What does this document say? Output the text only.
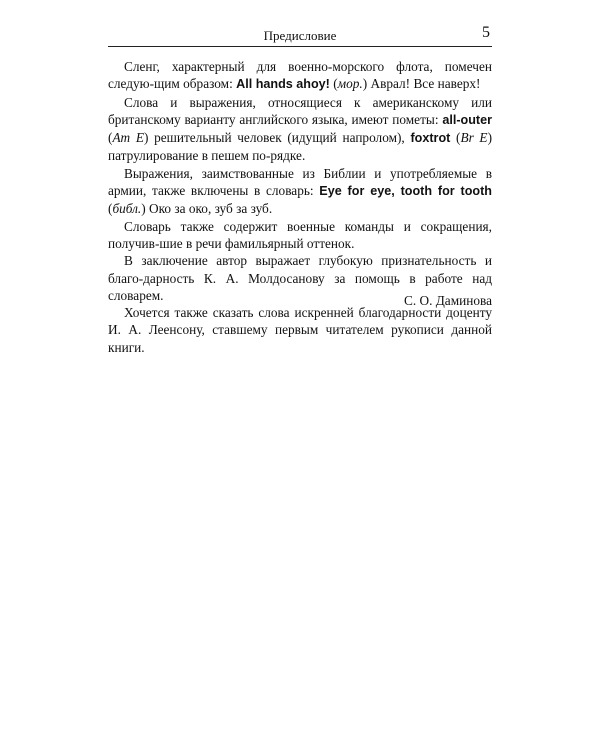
Предисловие	5

Сленг, характерный для военно-морского флота, помечен следую-щим образом: All hands ahoy! (мор.) Аврал! Все наверх!

Слова и выражения, относящиеся к американскому или британскому варианту английского языка, имеют пометы: all-outer (Am E) решительный человек (идущий напролом), foxtrot (Br E) патрулирование в пешем по-рядке.

Выражения, заимствованные из Библии и употребляемые в армии, также включены в словарь: Eye for eye, tooth for tooth (библ.) Око за око, зуб за зуб.

Словарь также содержит военные команды и сокращения, получив-шие в речи фамильярный оттенок.

В заключение автор выражает глубокую признательность и благо-дарность К. А. Молдосанову за помощь в работе над словарем.

Хочется также сказать слова искренней благодарности доценту И. А. Леенсону, ставшему первым читателем рукописи данной книги.

С. О. Даминова
